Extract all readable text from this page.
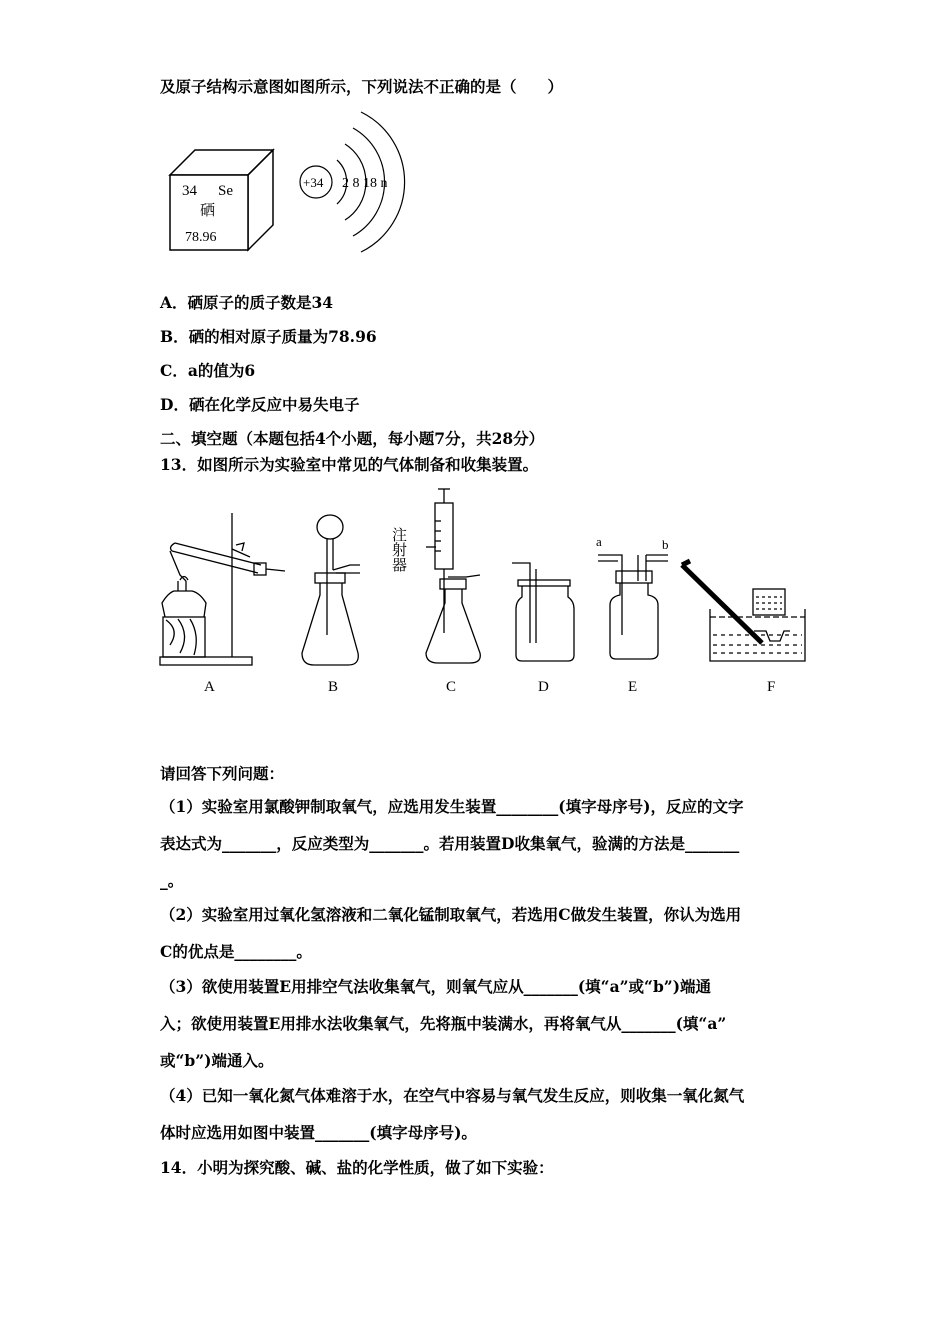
及原子结构示意图如图所示，下列说法不正确的是（　　）
34 Se
硒
78.96
+34 2 8 18 n
A．硒原子的质子数是34
B．硒的相对原子质量为78.96
C．a的值为6
D．硒在化学反应中易失电子
二、填空题（本题包括4个小题，每小题7分，共28分）
13．如图所示为实验室中常见的气体制备和收集装置。
A	B	C	D	E	F
a	b
注射器
请回答下列问题：
（1）实验室用氯酸钾制取氧气，应选用发生装置________(填字母序号)，反应的文字
表达式为_______，反应类型为_______。若用装置D收集氧气，验满的方法是_______
_。
（2）实验室用过氧化氢溶液和二氧化锰制取氧气，若选用C做发生装置，你认为选用
C的优点是________。
（3）欲使用装置E用排空气法收集氧气，则氧气应从_______(填“a”或“b”)端通
入；欲使用装置E用排水法收集氧气，先将瓶中装满水，再将氧气从_______(填“a”
或“b”)端通入。
（4）已知一氧化氮气体难溶于水，在空气中容易与氧气发生反应，则收集一氧化氮气
体时应选用如图中装置_______(填字母序号)。
14．小明为探究酸、碱、盐的化学性质，做了如下实验：
